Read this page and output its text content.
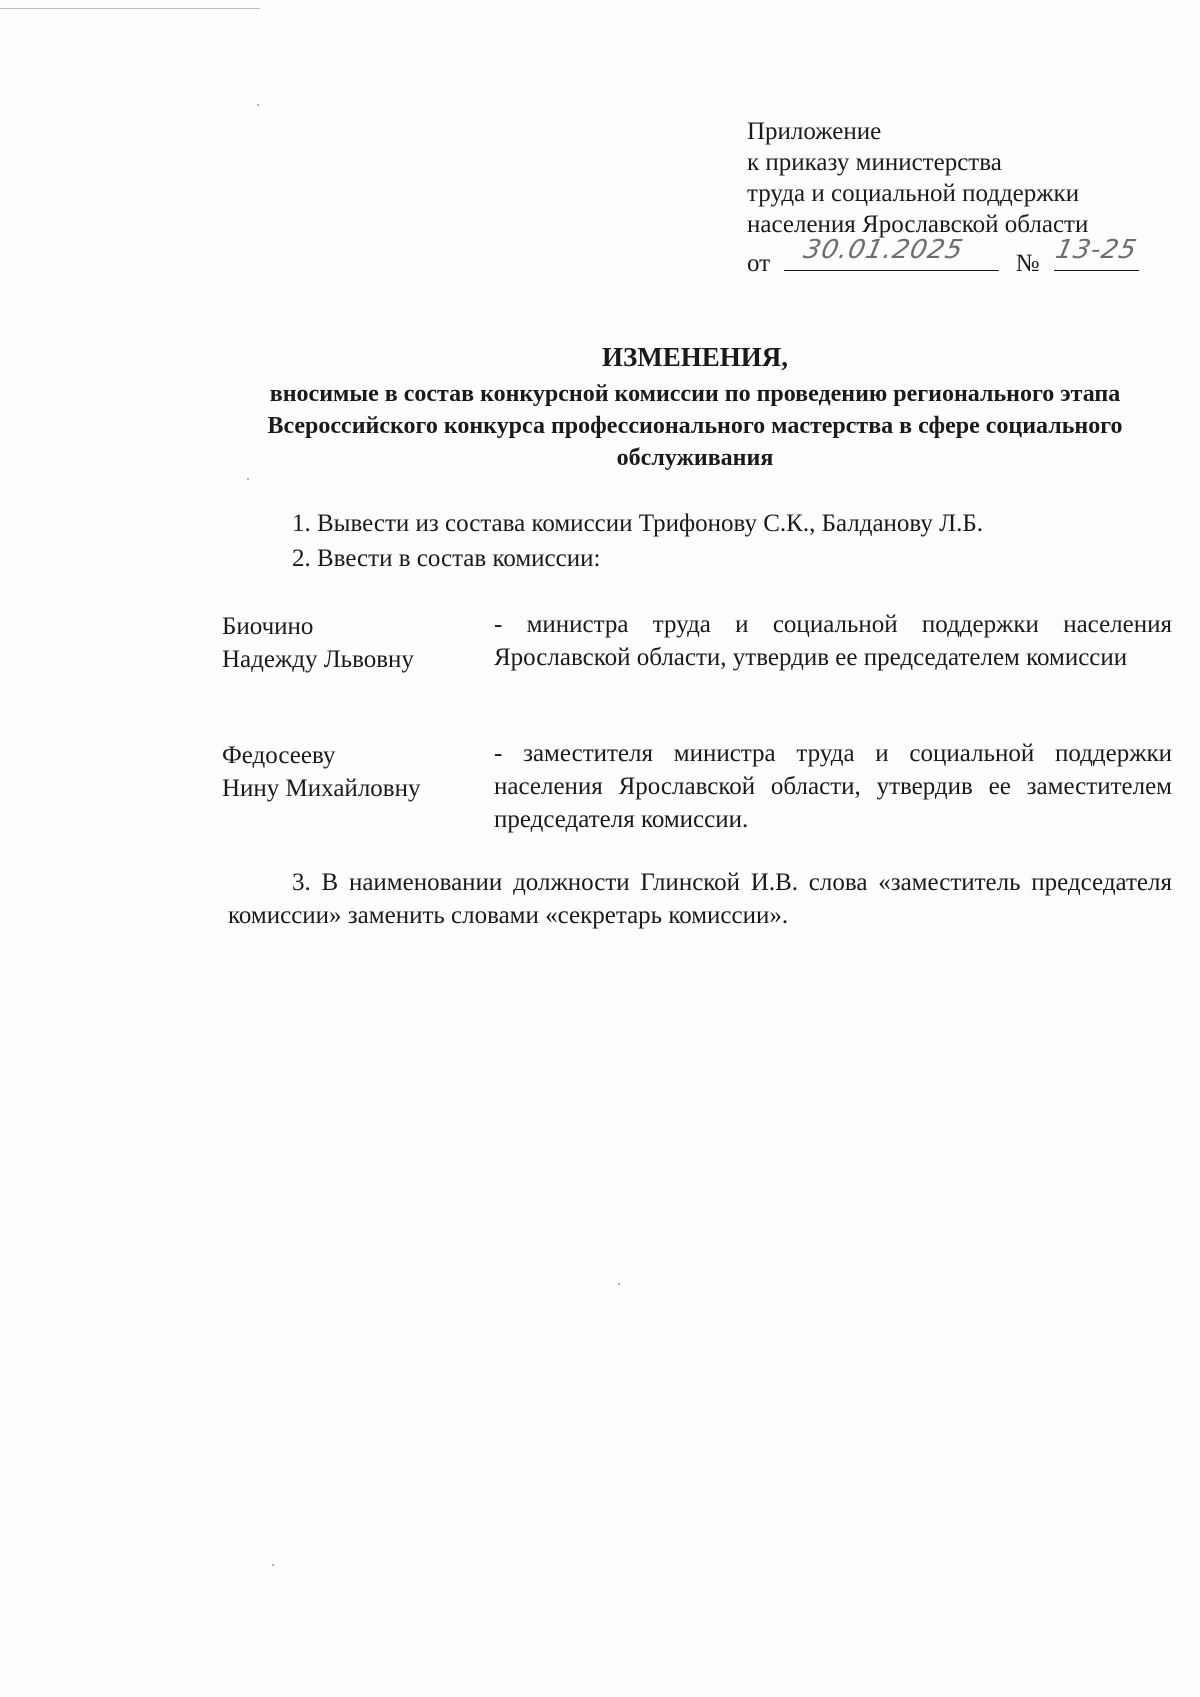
Приложение
к приказу министерства
труда и социальной поддержки
населения Ярославской области
от 30.01.2025 № 13-25
ИЗМЕНЕНИЯ,
вносимые в состав конкурсной комиссии по проведению регионального этапа Всероссийского конкурса профессионального мастерства в сфере социального обслуживания
1. Вывести из состава комиссии Трифонову С.К., Балданову Л.Б.
2. Ввести в состав комиссии:
Биочино
Надежду Львовну
- министра труда и социальной поддержки населения Ярославской области, утвердив ее председателем комиссии
Федосееву
Нину Михайловну
- заместителя министра труда и социальной поддержки населения Ярославской области, утвердив ее заместителем председателя комиссии.
3. В наименовании должности Глинской И.В. слова «заместитель председателя комиссии» заменить словами «секретарь комиссии».
